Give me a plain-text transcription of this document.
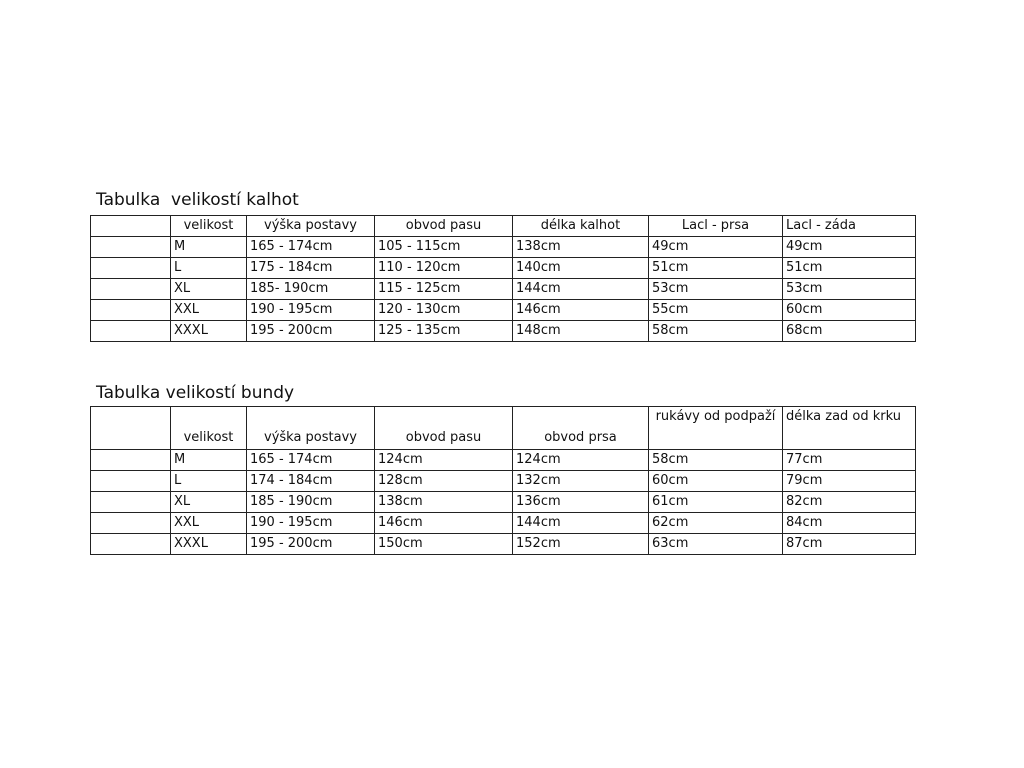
Tabulka  velikostí kalhot
	velikost	výška postavy	obvod pasu	délka kalhot	Lacl - prsa	Lacl - záda
	M	165 - 174cm	105 - 115cm	138cm	49cm	49cm
	L	175 - 184cm	110 - 120cm	140cm	51cm	51cm
	XL	185- 190cm	115 - 125cm	144cm	53cm	53cm
	XXL	190 - 195cm	120 - 130cm	146cm	55cm	60cm
	XXXL	195 - 200cm	125 - 135cm	148cm	58cm	68cm
Tabulka velikostí bundy
	velikost	výška postavy	obvod pasu	obvod prsa	rukávy od podpaží	délka zad od krku
	M	165 - 174cm	124cm	124cm	58cm	77cm
	L	174 - 184cm	128cm	132cm	60cm	79cm
	XL	185 - 190cm	138cm	136cm	61cm	82cm
	XXL	190 - 195cm	146cm	144cm	62cm	84cm
	XXXL	195 - 200cm	150cm	152cm	63cm	87cm
